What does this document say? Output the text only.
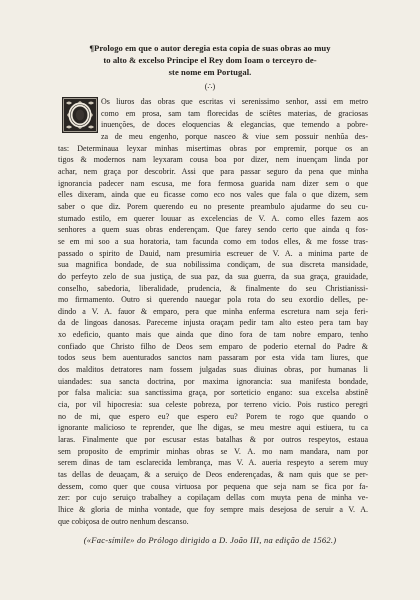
¶Prologo em que o autor deregia esta copia de suas obras ao muy
to alto & excelso Principe el Rey dom Ioam o terceyro de-
ste nome em Portugal.
(∴)
Os liuros das obras que escritas vi serenissimo senhor, assi em metro
como em prosa, sam tam florecidas de sciêtes materias, de graciosas
inuenções, de doces eloquencias & elegancias, que temendo a pobre-
za de meu engenho, porque nasceo & viue sem possuir nenhũa des-
tas: Determinaua leyxar minhas misertimas obras por empremir, porque os an
tigos & modernos nam leyxaram cousa boa por dizer, nem inuençam linda por
achar, nem graça por descobrir. Assi que para passar seguro da pena que minha
ignorancia padecer nam escusa, me fora fermosa guarida nam dizer sem o que
elles dixeram, ainda que eu ficasse como eco nos vales que fala o que dizem, sem
saber o que diz. Porem querendo eu no presente preambulo ajudarme do seu cu-
stumado estilo, em querer louuar as excelencias de V. A. como elles fazem aos
senhores a quem suas obras enderençam. Que farey sendo certo que ainda q fos-
se em mi soo a sua horatoria, tam facunda como em todos elles, & me fosse tras-
passado o spirito de Dauid, nam presumiria escreuer de V. A. a minima parte de
sua magnifica bondade, de sua nobilissima condiçam, de sua discreta mansidade,
do perfeyto zelo de sua justiça, de sua paz, da sua guerra, da sua graça, grauidade,
conselho, sabedoria, liberalidade, prudencia, & finalmente do seu Christianissi-
mo firmamento. Outro si querendo nauegar pola rota do seu exordio delles, pe-
dindo a V. A. fauor & emparo, pera que minha enferma escretura nam seja feri-
da de lingoas danosas. Pareceme injusta oraçam pedir tam alto esteo pera tam bay
xo edeficio, quanto mais que ainda que dino fora de tam nobre emparo, tenho
confiado que Christo filho de Deos sem emparo de poderio eternal do Padre &
todos seus bem auenturados sanctos nam passaram por esta vida tam liures, que
dos malditos detratores nam fossem julgadas suas diuinas obras, por humanas li
uiandades: sua sancta doctrina, por maxima ignorancia: sua manifesta bondade,
por falsa malicia: sua sanctissima graça, por sorteticio engano: sua excelsa abstinê
cia, por vil hipocresia: sua celeste pobreza, por terreno vicio. Pois rustico peregri
no de mi, que espero eu? que espero eu? Porem te rogo que quando o
ignorante malicioso te reprender, que lhe digas, se meu mestre aqui estiuera, tu ca
laras. Finalmente que por escusar estas batalhas & por outros respeytos, estaua
sem proposito de emprimir minhas obras se V. A. mo nam mandara, nam por
serem dinas de tam esclarecida lembrança, mas V. A. aueria respeyto a serem muy
tas dellas de deuaçam, & a seruiço de Deos enderençadas, & nam quis que se per-
dessem, como quer que cousa virtuosa por pequena que seja nam se fica por fa-
zer: por cujo seruiço trabalhey a copilaçam dellas com muyta pena de minha ve-
lhice & gloria de minha vontade, que foy sempre mais desejosa de seruir a V. A.
que cobiçosa de outro nenhum descanso.
(«Fac-símile» do Prólogo dirigido a D. João III, na edição de 1562.)
